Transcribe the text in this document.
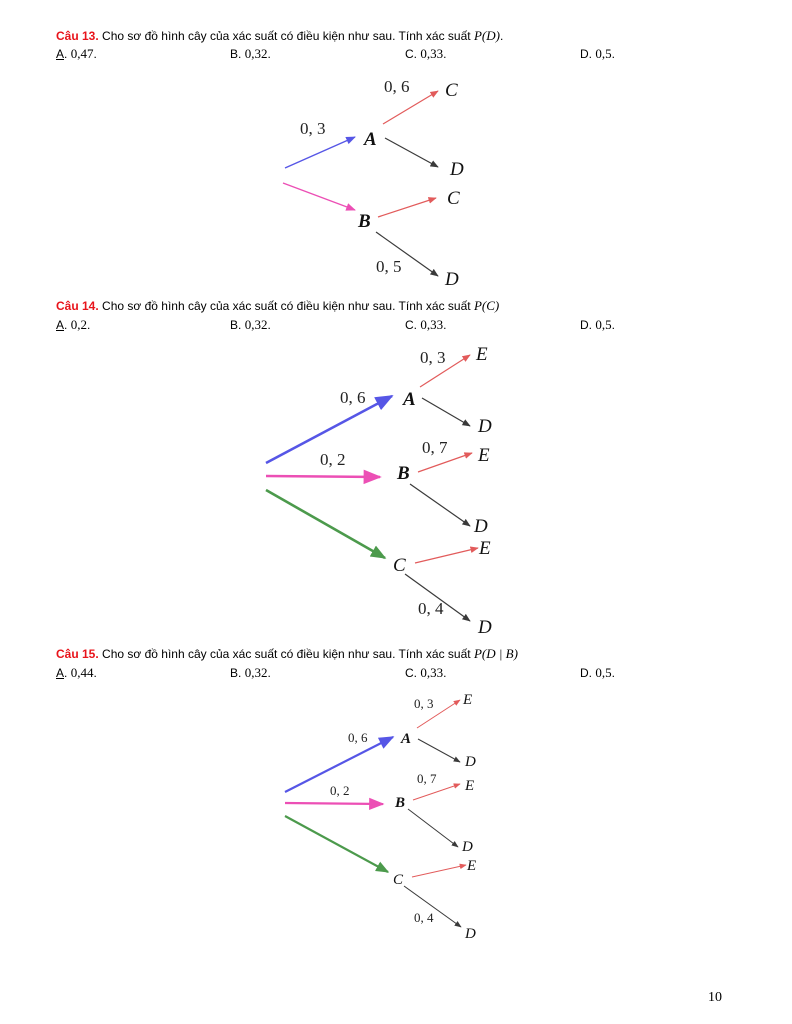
Câu 13. Cho sơ đồ hình cây của xác suất có điều kiện như sau. Tính xác suất P(D).
A. 0,47.	B. 0,32.	C. 0,33.	D. 0,5.
0, 6
0, 3
0, 5
C
A
D
C
B
D
Câu 14. Cho sơ đồ hình cây của xác suất có điều kiện như sau. Tính xác suất P(C)
A. 0,2.	B. 0,32.	C. 0,33.	D. 0,5.
0, 3
0, 6
0, 7
0, 2
0, 4
E
A
D
E
B
D
E
C
D
Câu 15. Cho sơ đồ hình cây của xác suất có điều kiện như sau. Tính xác suất P(D | B)
A. 0,44.	B. 0,32.	C. 0,33.	D. 0,5.
0, 3
0, 6
0, 7
0, 2
0, 4
E
A
D
E
B
D
E
C
D
10
